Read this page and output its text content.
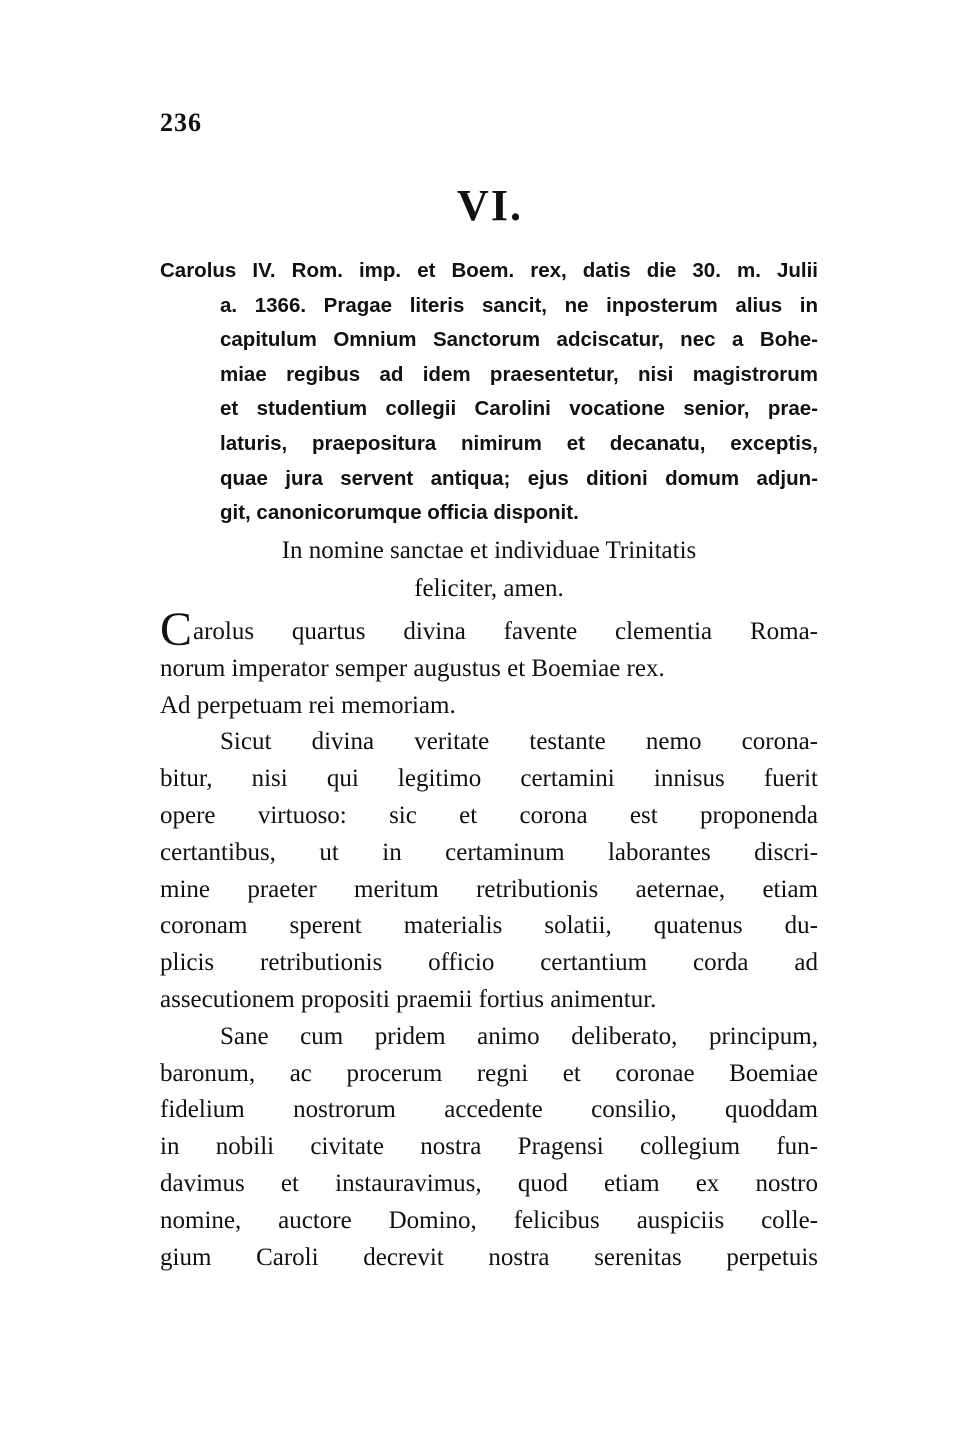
236
VI.
Carolus IV. Rom. imp. et Boem. rex, datis die 30. m. Julii
a. 1366. Pragae literis sancit, ne inposterum alius in
capitulum Omnium Sanctorum adciscatur, nec a Bohe-
miae regibus ad idem praesentetur, nisi magistrorum
et studentium collegii Carolini vocatione senior, prae-
laturis, praepositura nimirum et decanatu, exceptis,
quae jura servent antiqua; ejus ditioni domum adjun-
git, canonicorumque officia disponit.
In nomine sanctae et individuae Trinitatis
feliciter, amen.
Carolus quartus divina favente clementia Roma-
norum imperator semper augustus et Boemiae rex.
Ad perpetuam rei memoriam.
Sicut divina veritate testante nemo corona-
bitur, nisi qui legitimo certamini innisus fuerit
opere virtuoso: sic et corona est proponenda
certantibus, ut in certaminum laborantes discri-
mine praeter meritum retributionis aeternae, etiam
coronam sperent materialis solatii, quatenus du-
plicis retributionis officio certantium corda ad
assecutionem propositi praemii fortius animentur.
Sane cum pridem animo deliberato, principum,
baronum, ac procerum regni et coronae Boemiae
fidelium nostrorum accedente consilio, quoddam
in nobili civitate nostra Pragensi collegium fun-
davimus et instauravimus, quod etiam ex nostro
nomine, auctore Domino, felicibus auspiciis colle-
gium Caroli decrevit nostra serenitas perpetuis
